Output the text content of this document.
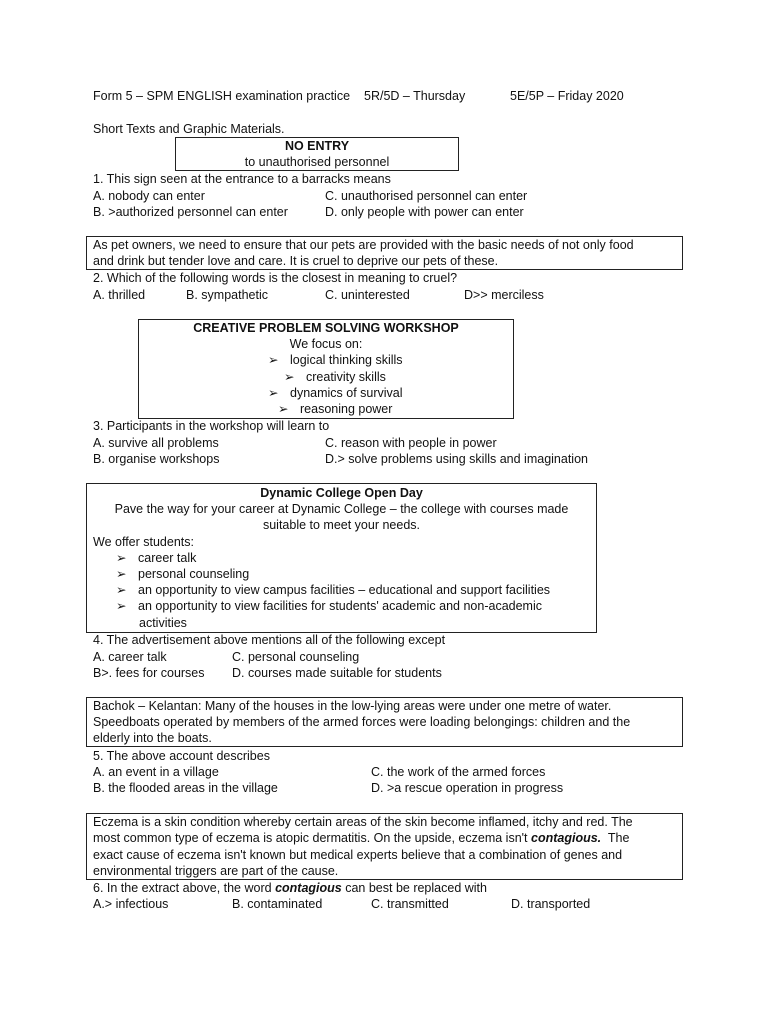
Form 5 – SPM ENGLISH examination practice 5R/5D – Thursday	5E/5P – Friday 2020
Short Texts and Graphic Materials.
NO ENTRY
to unauthorised personnel
1. This sign seen at the entrance to a barracks means
A. nobody can enter	C. unauthorised personnel can enter
B. >authorized personnel can enter	D. only people with power can enter
As pet owners, we need to ensure that our pets are provided with the basic needs of not only food
and drink but tender love and care. It is cruel to deprive our pets of these.
2. Which of the following words is the closest in meaning to cruel?
A. thrilled	B. sympathetic	C. uninterested	D>> merciless
CREATIVE PROBLEM SOLVING WORKSHOP
We focus on:
➢ logical thinking skills
➢ creativity skills
➢ dynamics of survival
➢ reasoning power
3. Participants in the workshop will learn to
A. survive all problems	C. reason with people in power
B. organise workshops	D.> solve problems using skills and imagination
Dynamic College Open Day
Pave the way for your career at Dynamic College – the college with courses made
suitable to meet your needs.
We offer students:
➢ career talk
➢ personal counseling
➢ an opportunity to view campus facilities – educational and support facilities
➢ an opportunity to view facilities for students' academic and non-academic
activities
4. The advertisement above mentions all of the following except
A. career talk	C. personal counseling
B>. fees for courses D. courses made suitable for students
Bachok – Kelantan: Many of the houses in the low-lying areas were under one metre of water.
Speedboats operated by members of the armed forces were loading belongings: children and the
elderly into the boats.
5. The above account describes
A. an event in a village	C. the work of the armed forces
B. the flooded areas in the village	D. >a rescue operation in progress
Eczema is a skin condition whereby certain areas of the skin become inflamed, itchy and red. The
most common type of eczema is atopic dermatitis. On the upside, eczema isn't contagious. The
exact cause of eczema isn't known but medical experts believe that a combination of genes and
environmental triggers are part of the cause.
6. In the extract above, the word contagious can best be replaced with
A.> infectious	B. contaminated	C. transmitted	D. transported
